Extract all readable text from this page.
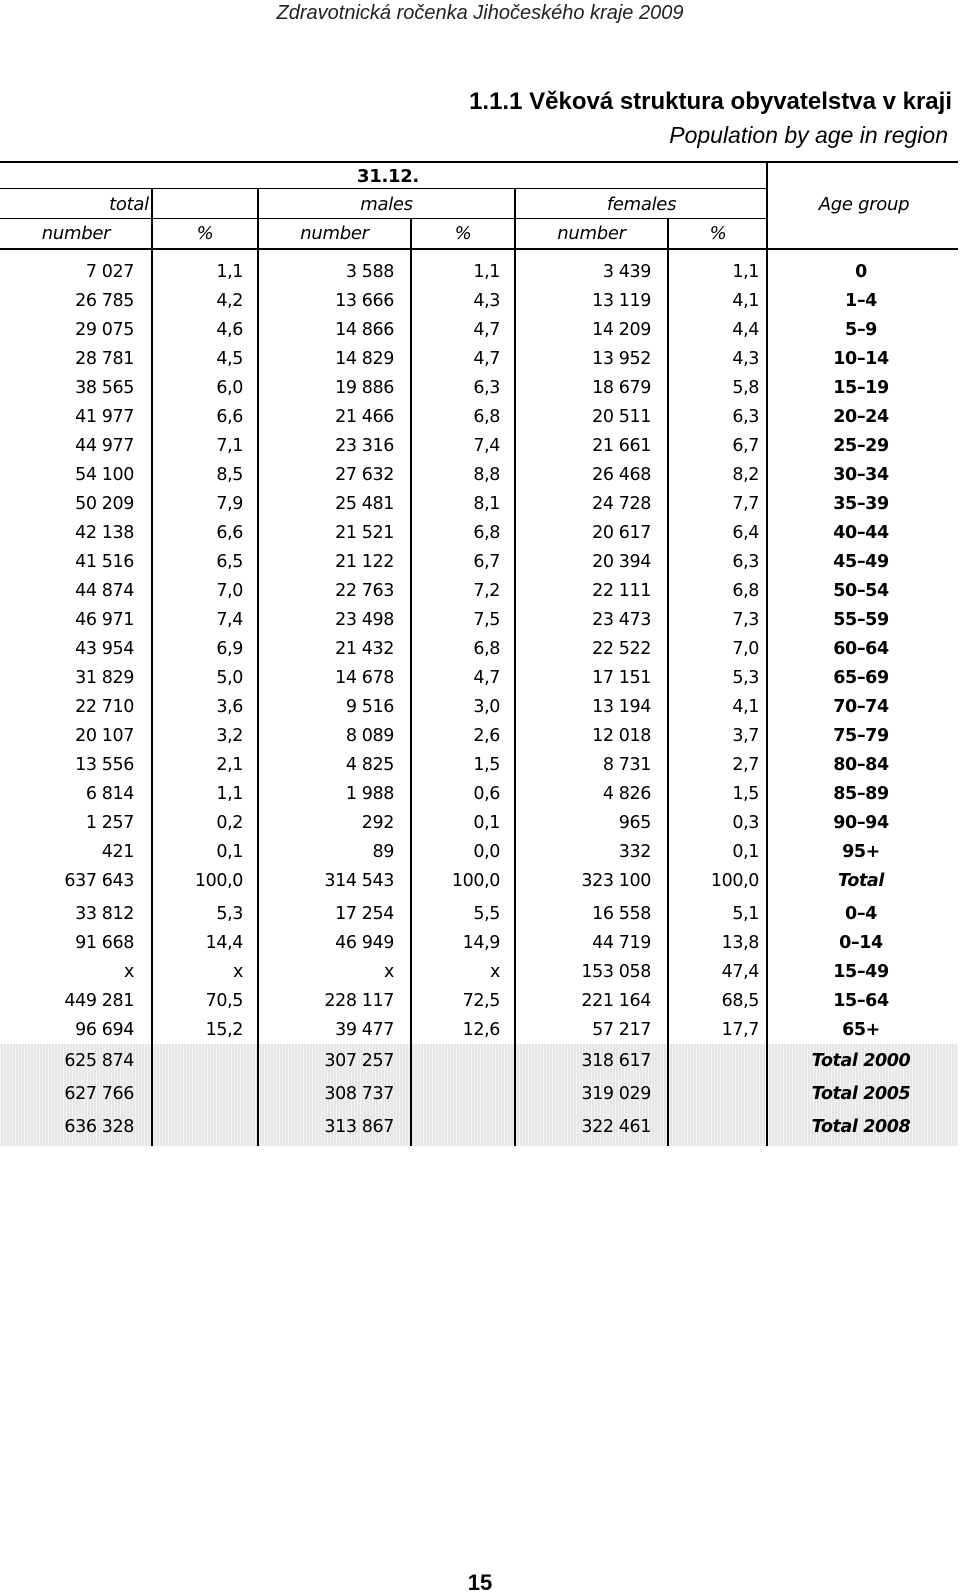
Zdravotnická ročenka Jihočeského kraje 2009
1.1.1 Věková struktura obyvatelstva v kraji
Population by age in region
31.12.
total	males	females	Age group
number	%	number	%	number	%
7 027	1,1	3 588	1,1	3 439	1,1	0
26 785	4,2	13 666	4,3	13 119	4,1	1–4
29 075	4,6	14 866	4,7	14 209	4,4	5–9
28 781	4,5	14 829	4,7	13 952	4,3	10–14
38 565	6,0	19 886	6,3	18 679	5,8	15–19
41 977	6,6	21 466	6,8	20 511	6,3	20–24
44 977	7,1	23 316	7,4	21 661	6,7	25–29
54 100	8,5	27 632	8,8	26 468	8,2	30–34
50 209	7,9	25 481	8,1	24 728	7,7	35–39
42 138	6,6	21 521	6,8	20 617	6,4	40–44
41 516	6,5	21 122	6,7	20 394	6,3	45–49
44 874	7,0	22 763	7,2	22 111	6,8	50–54
46 971	7,4	23 498	7,5	23 473	7,3	55–59
43 954	6,9	21 432	6,8	22 522	7,0	60–64
31 829	5,0	14 678	4,7	17 151	5,3	65–69
22 710	3,6	9 516	3,0	13 194	4,1	70–74
20 107	3,2	8 089	2,6	12 018	3,7	75–79
13 556	2,1	4 825	1,5	8 731	2,7	80–84
6 814	1,1	1 988	0,6	4 826	1,5	85–89
1 257	0,2	292	0,1	965	0,3	90–94
421	0,1	89	0,0	332	0,1	95+
637 643	100,0	314 543	100,0	323 100	100,0	Total
33 812	5,3	17 254	5,5	16 558	5,1	0–4
91 668	14,4	46 949	14,9	44 719	13,8	0–14
x	x	x	x	153 058	47,4	15–49
449 281	70,5	228 117	72,5	221 164	68,5	15–64
96 694	15,2	39 477	12,6	57 217	17,7	65+
625 874		307 257		318 617		Total 2000
627 766		308 737		319 029		Total 2005
636 328		313 867		322 461		Total 2008
15
